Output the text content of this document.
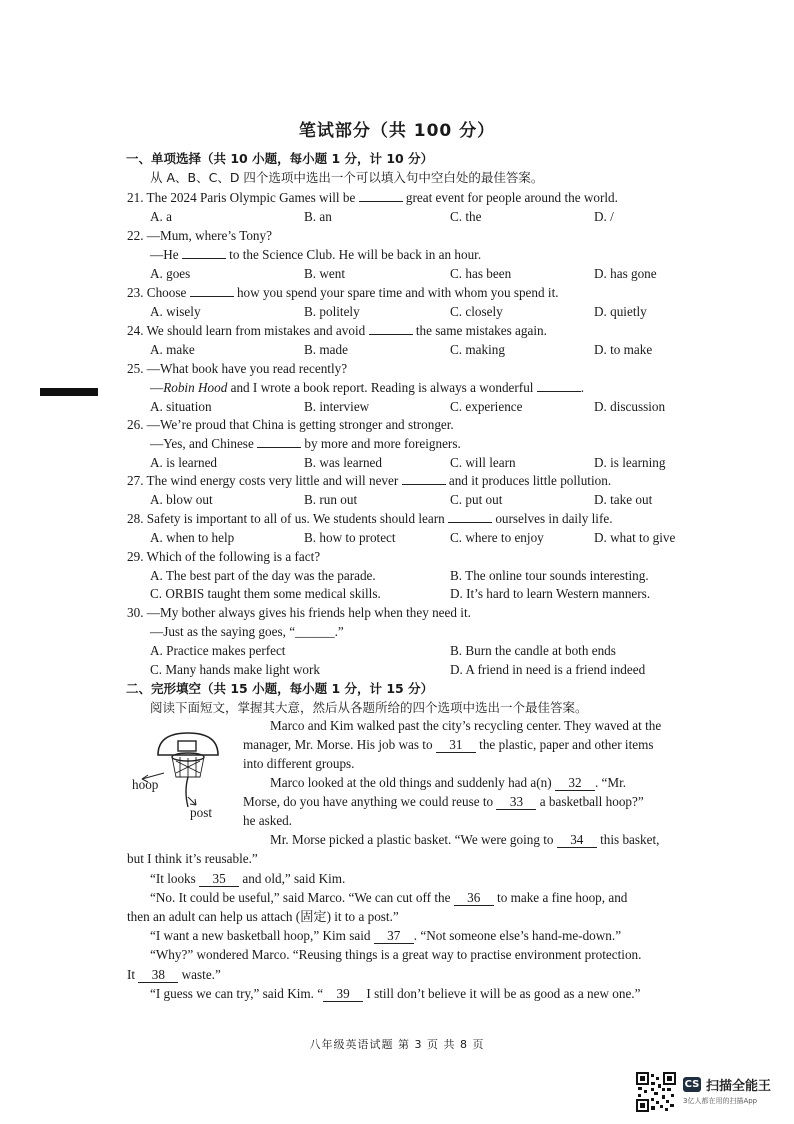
笔试部分（共 100 分）
一、单项选择（共 10 小题，每小题 1 分，计 10 分）
从 A、B、C、D 四个选项中选出一个可以填入句中空白处的最佳答案。
21. The 2024 Paris Olympic Games will be	great event for people around the world.
A. a	B. an	C. the	D. /
22. —Mum, where’s Tony?
—He	to the Science Club. He will be back in an hour.
A. goes	B. went	C. has been	D. has gone
23. Choose	how you spend your spare time and with whom you spend it.
A. wisely	B. politely	C. closely	D. quietly
24. We should learn from mistakes and avoid	the same mistakes again.
A. make	B. made	C. making	D. to make
25. —What book have you read recently?
—Robin Hood and I wrote a book report. Reading is always a wonderful	.
A. situation	B. interview	C. experience	D. discussion
26. —We’re proud that China is getting stronger and stronger.
—Yes, and Chinese	by more and more foreigners.
A. is learned	B. was learned	C. will learn	D. is learning
27. The wind energy costs very little and will never	and it produces little pollution.
A. blow out	B. run out	C. put out	D. take out
28. Safety is important to all of us. We students should learn	ourselves in daily life.
A. when to help	B. how to protect	C. where to enjoy	D. what to give
29. Which of the following is a fact?
A. The best part of the day was the parade.	B. The online tour sounds interesting.
C. ORBIS taught them some medical skills.	D. It’s hard to learn Western manners.
30. —My bother always gives his friends help when they need it.
—Just as the saying goes, “______.”
A. Practice makes perfect	B. Burn the candle at both ends
C. Many hands make light work	D. A friend in need is a friend indeed
二、完形填空（共 15 小题，每小题 1 分，计 15 分）
阅读下面短文，掌握其大意，然后从各题所给的四个选项中选出一个最佳答案。
hoop
post
Marco and Kim walked past the city’s recycling center. They waved at the
manager, Mr. Morse. His job was to 31 the plastic, paper and other items
into different groups.
Marco looked at the old things and suddenly had a(n) 32 . “Mr.
Morse, do you have anything we could reuse to 33 a basketball hoop?”
he asked.
Mr. Morse picked a plastic basket. “We were going to 34 this basket,
but I think it’s reusable.”
“It looks 35 and old,” said Kim.
“No. It could be useful,” said Marco. “We can cut off the 36 to make a fine hoop, and
then an adult can help us attach (固定) it to a post.”
“I want a new basketball hoop,” Kim said 37 . “Not someone else’s hand-me-down.”
“Why?” wondered Marco. “Reusing things is a great way to practise environment protection.
It 38 waste.”
“I guess we can try,” said Kim. “ 39 I still don’t believe it will be as good as a new one.”
八年级英语试题 第 3 页 共 8 页
CS 扫描全能王
3亿人都在用的扫描App
